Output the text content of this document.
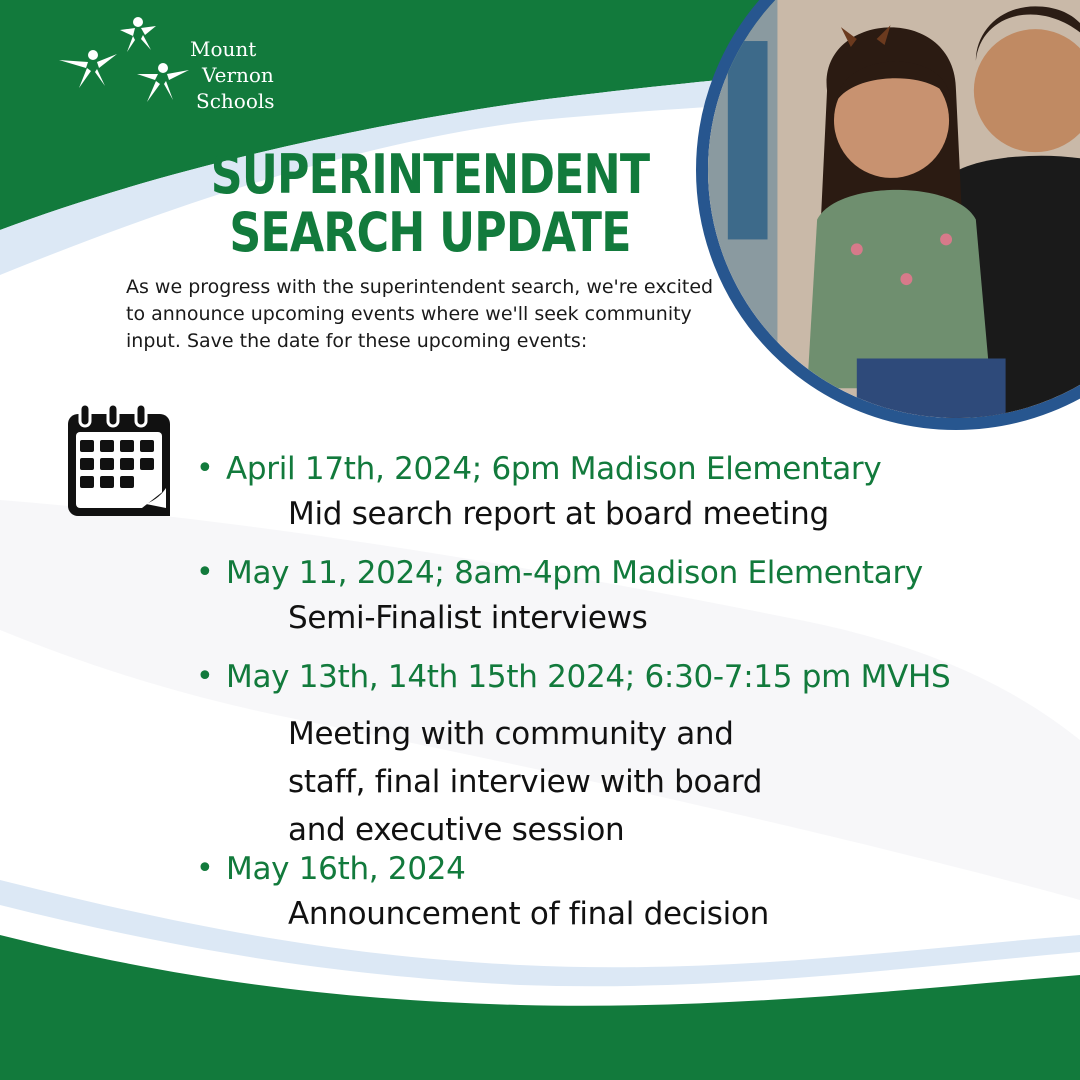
Mount
Vernon
Schools
SUPERINTENDENT
SEARCH UPDATE
As we progress with the superintendent search, we're excited to announce upcoming events where we'll seek community input. Save the date for these upcoming events:
• April 17th, 2024; 6pm Madison Elementary
Mid search report at board meeting
• May 11, 2024; 8am-4pm Madison Elementary
Semi-Finalist interviews
• May 13th, 14th 15th 2024; 6:30-7:15 pm MVHS
Meeting with community and staff, final interview with board and executive session
• May 16th, 2024
Announcement of final decision
